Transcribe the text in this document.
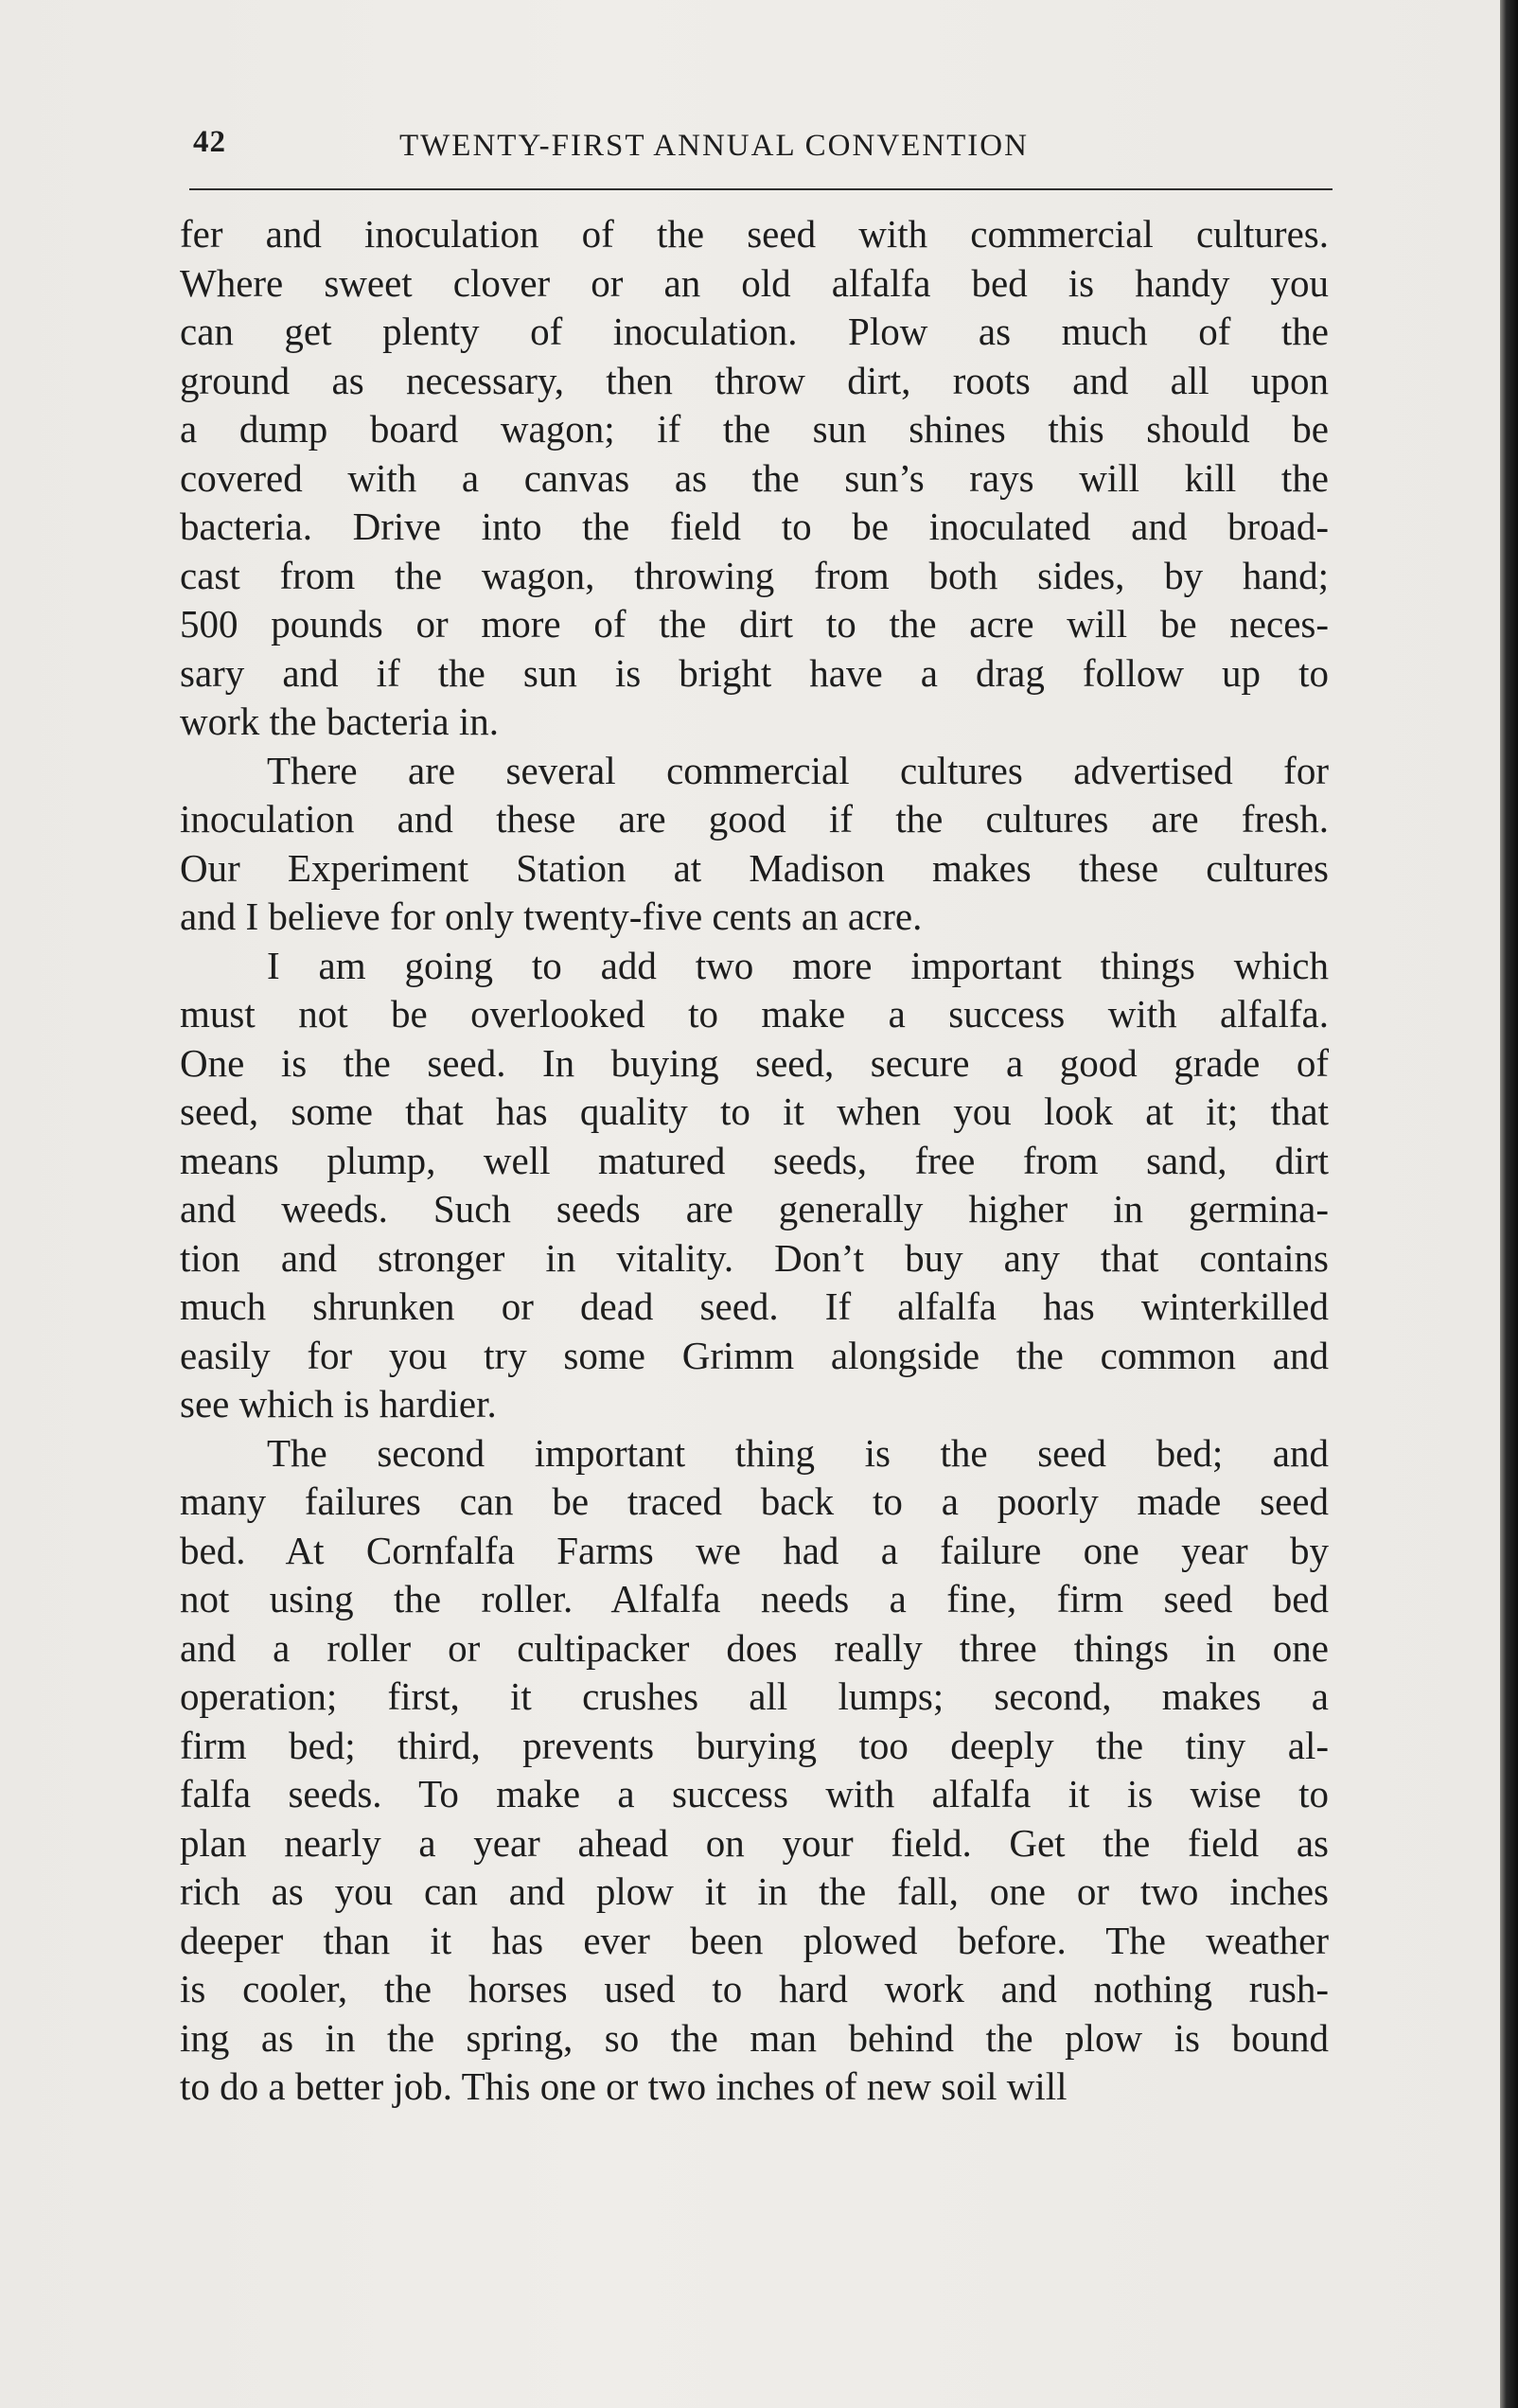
42	TWENTY-FIRST ANNUAL CONVENTION
fer and inoculation of the seed with commercial cultures.
Where sweet clover or an old alfalfa bed is handy you
can get plenty of inoculation. Plow as much of the
ground as necessary, then throw dirt, roots and all upon
a dump board wagon; if the sun shines this should be
covered with a canvas as the sun’s rays will kill the
bacteria. Drive into the field to be inoculated and broad-
cast from the wagon, throwing from both sides, by hand;
500 pounds or more of the dirt to the acre will be neces-
sary and if the sun is bright have a drag follow up to
work the bacteria in.
There are several commercial cultures advertised for
inoculation and these are good if the cultures are fresh.
Our Experiment Station at Madison makes these cultures
and I believe for only twenty-five cents an acre.
I am going to add two more important things which
must not be overlooked to make a success with alfalfa.
One is the seed. In buying seed, secure a good grade of
seed, some that has quality to it when you look at it; that
means plump, well matured seeds, free from sand, dirt
and weeds. Such seeds are generally higher in germina-
tion and stronger in vitality. Don’t buy any that contains
much shrunken or dead seed. If alfalfa has winterkilled
easily for you try some Grimm alongside the common and
see which is hardier.
The second important thing is the seed bed; and
many failures can be traced back to a poorly made seed
bed. At Cornfalfa Farms we had a failure one year by
not using the roller. Alfalfa needs a fine, firm seed bed
and a roller or cultipacker does really three things in one
operation; first, it crushes all lumps; second, makes a
firm bed; third, prevents burying too deeply the tiny al-
falfa seeds. To make a success with alfalfa it is wise to
plan nearly a year ahead on your field. Get the field as
rich as you can and plow it in the fall, one or two inches
deeper than it has ever been plowed before. The weather
is cooler, the horses used to hard work and nothing rush-
ing as in the spring, so the man behind the plow is bound
to do a better job. This one or two inches of new soil will
